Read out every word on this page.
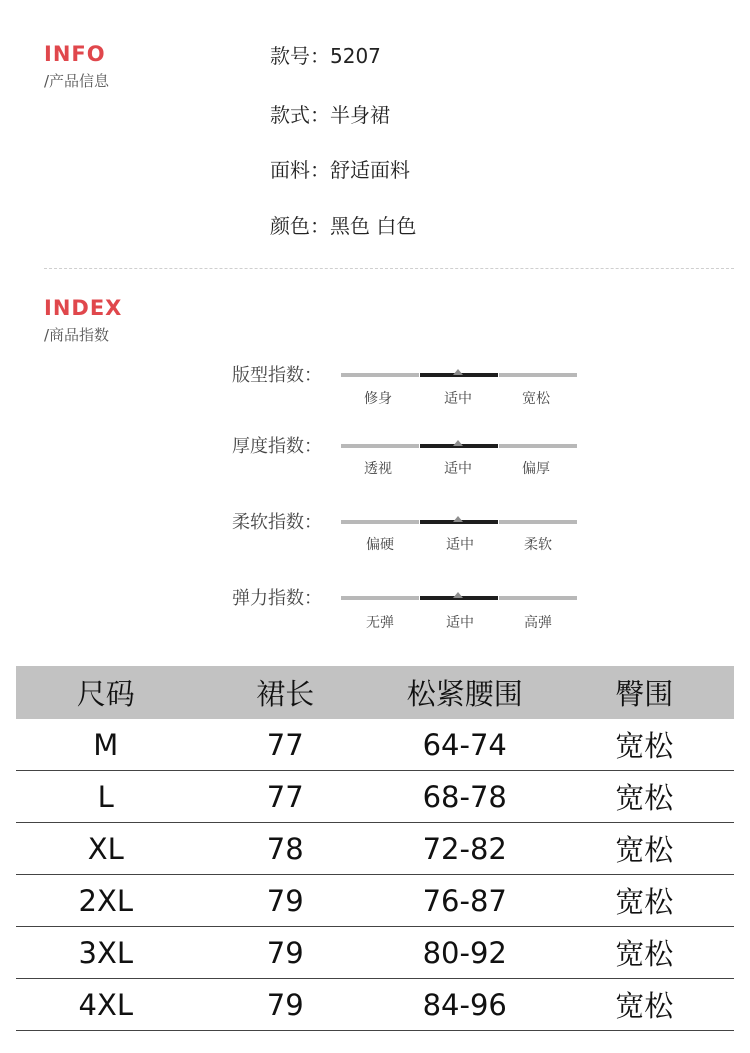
INFO
/产品信息
款号：5207
款式：半身裙
面料：舒适面料
颜色：黑色 白色
INDEX
/商品指数
版型指数：
修身	适中	宽松
厚度指数：
透视	适中	偏厚
柔软指数：
偏硬	适中	柔软
弹力指数：
无弹	适中	高弹
尺码	裙长	松紧腰围	臀围
M	77	64-74	宽松
L	77	68-78	宽松
XL	78	72-82	宽松
2XL	79	76-87	宽松
3XL	79	80-92	宽松
4XL	79	84-96	宽松
